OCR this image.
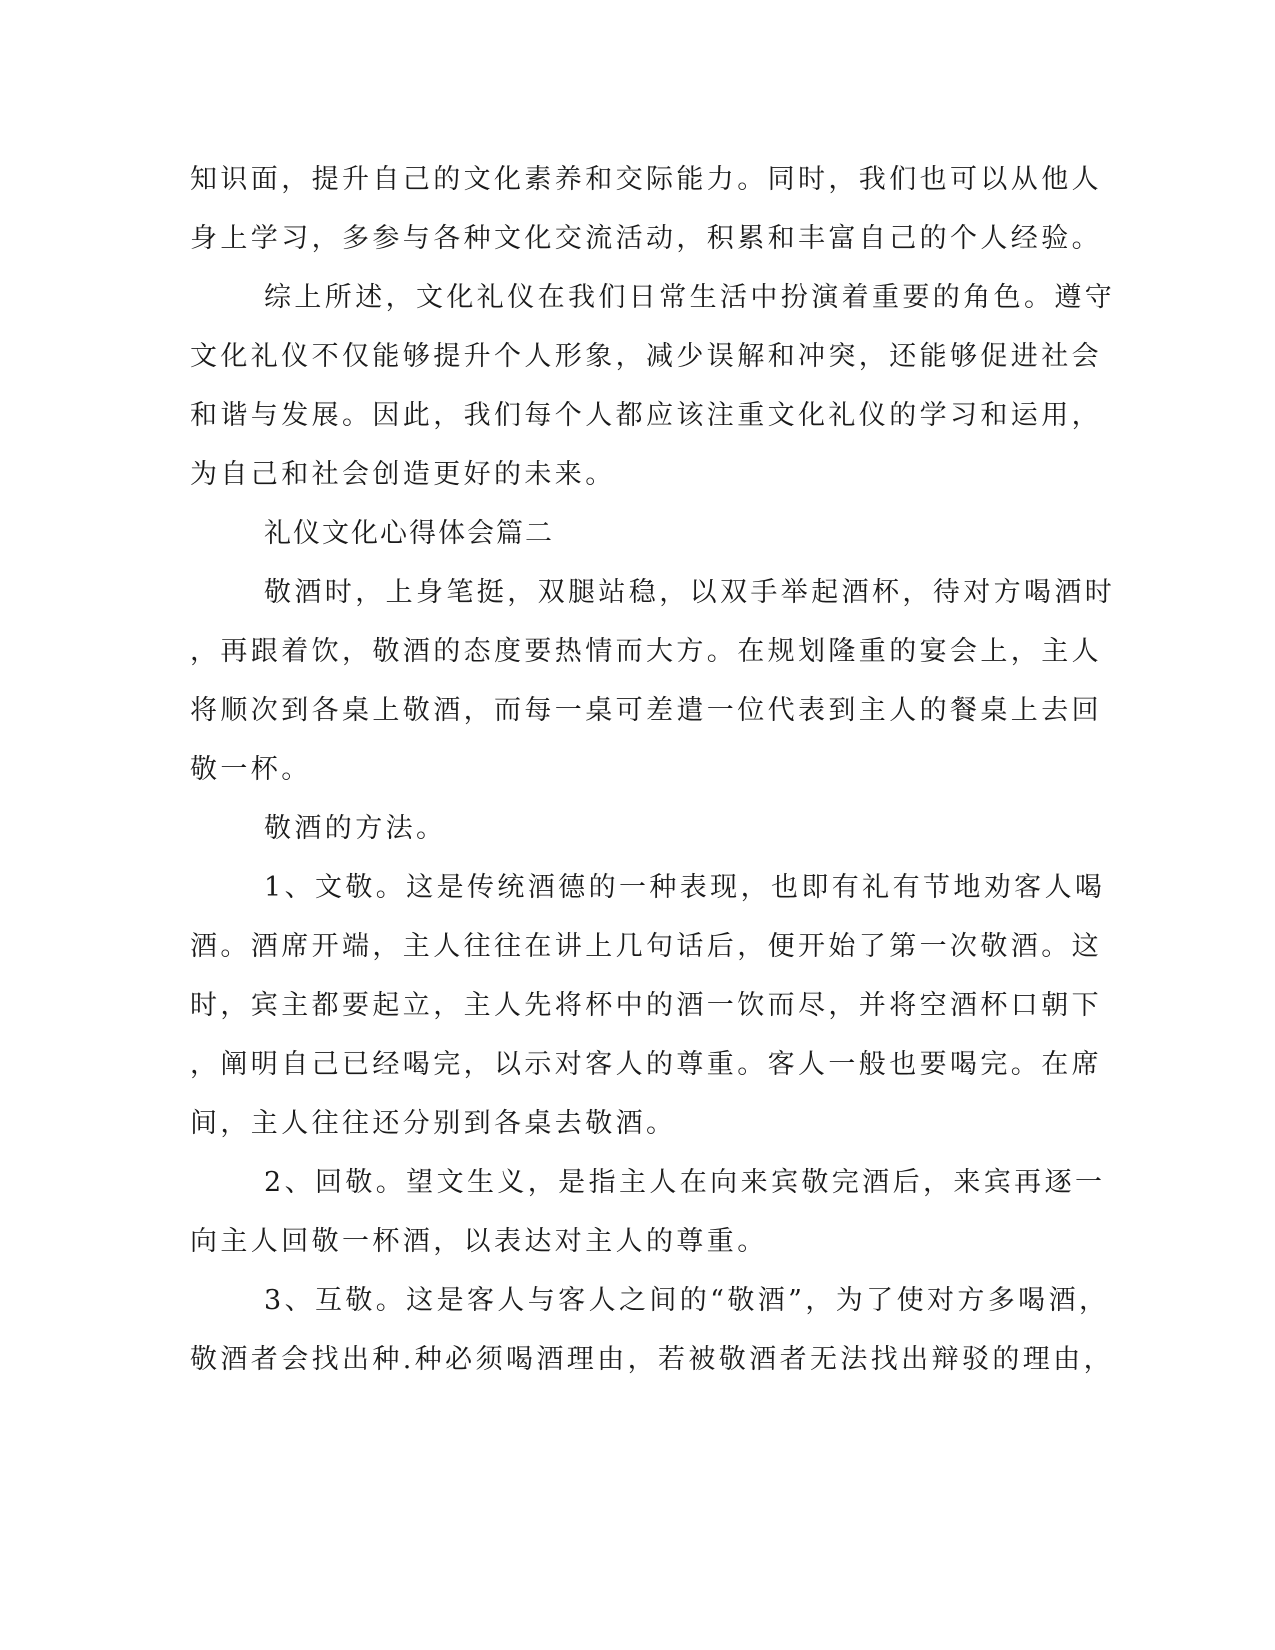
知识面，提升自己的文化素养和交际能力。同时，我们也可以从他人
身上学习，多参与各种文化交流活动，积累和丰富自己的个人经验。
综上所述，文化礼仪在我们日常生活中扮演着重要的角色。遵守
文化礼仪不仅能够提升个人形象，减少误解和冲突，还能够促进社会
和谐与发展。因此，我们每个人都应该注重文化礼仪的学习和运用，
为自己和社会创造更好的未来。
礼仪文化心得体会篇二
敬酒时，上身笔挺，双腿站稳，以双手举起酒杯，待对方喝酒时
，再跟着饮，敬酒的态度要热情而大方。在规划隆重的宴会上，主人
将顺次到各桌上敬酒，而每一桌可差遣一位代表到主人的餐桌上去回
敬一杯。
敬酒的方法。
1、文敬。这是传统酒德的一种表现，也即有礼有节地劝客人喝
酒。酒席开端，主人往往在讲上几句话后，便开始了第一次敬酒。这
时，宾主都要起立，主人先将杯中的酒一饮而尽，并将空酒杯口朝下
，阐明自己已经喝完，以示对客人的尊重。客人一般也要喝完。在席
间，主人往往还分别到各桌去敬酒。
2、回敬。望文生义，是指主人在向来宾敬完酒后，来宾再逐一
向主人回敬一杯酒，以表达对主人的尊重。
3、互敬。这是客人与客人之间的“敬酒”，为了使对方多喝酒，
敬酒者会找出种.种必须喝酒理由，若被敬酒者无法找出辩驳的理由，
